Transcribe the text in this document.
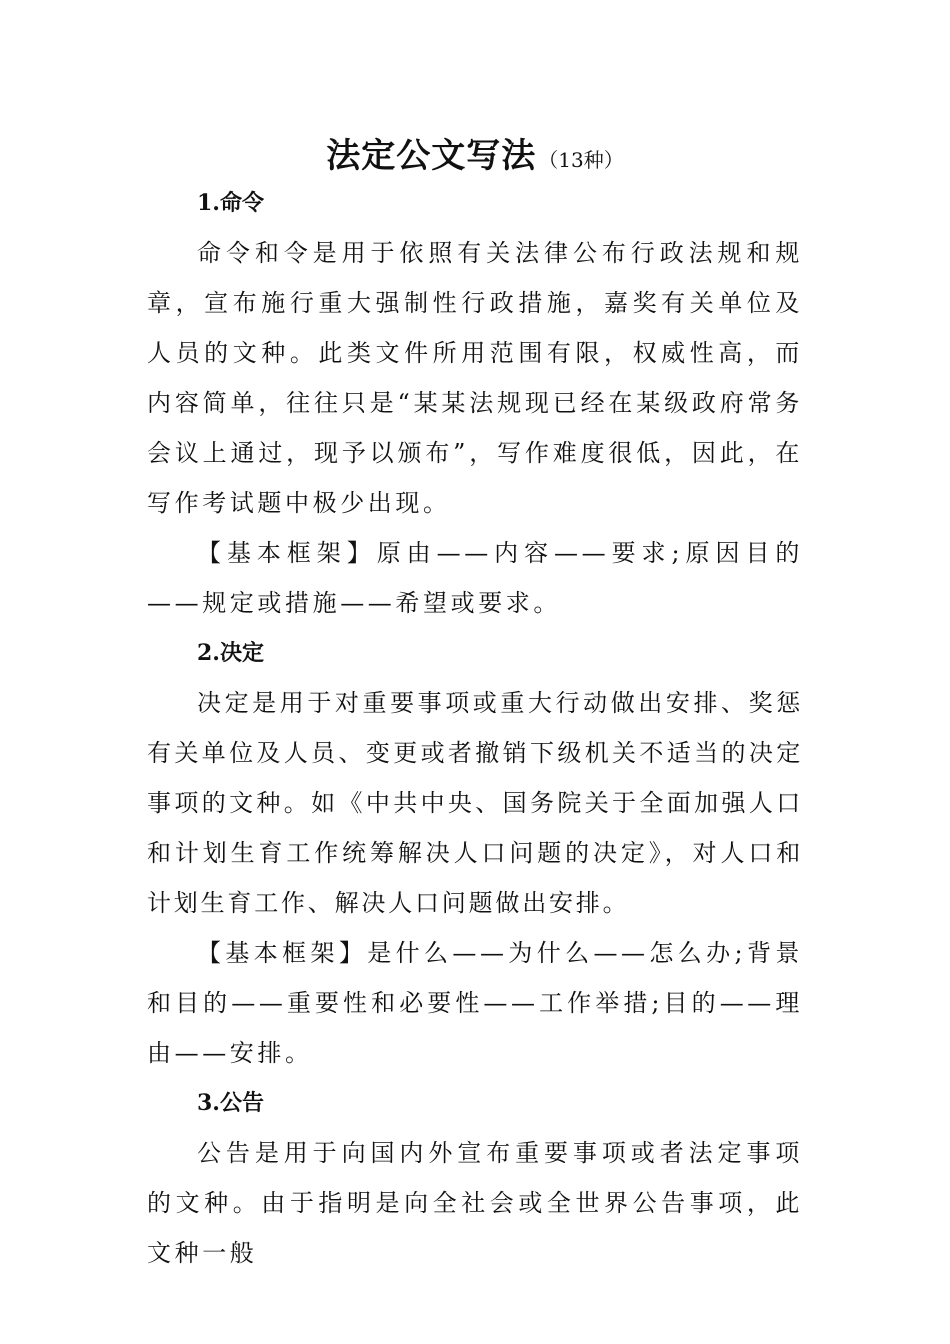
法定公文写法 （13种）

1.命令

命令和令是用于依照有关法律公布行政法规和规章，宣布施行重大强制性行政措施，嘉奖有关单位及人员的文种。此类文件所用范围有限，权威性高，而内容简单，往往只是“某某法规现已经在某级政府常务会议上通过，现予以颁布”，写作难度很低，因此，在写作考试题中极少出现。

【基本框架】原由——内容——要求;原因目的——规定或措施——希望或要求。

2.决定

决定是用于对重要事项或重大行动做出安排、奖惩有关单位及人员、变更或者撤销下级机关不适当的决定事项的文种。如《中共中央、国务院关于全面加强人口和计划生育工作统筹解决人口问题的决定》，对人口和计划生育工作、解决人口问题做出安排。

【基本框架】是什么——为什么——怎么办;背景和目的——重要性和必要性——工作举措;目的——理由——安排。

3.公告

公告是用于向国内外宣布重要事项或者法定事项的文种。由于指明是向全社会或全世界公告事项，此文种一般
